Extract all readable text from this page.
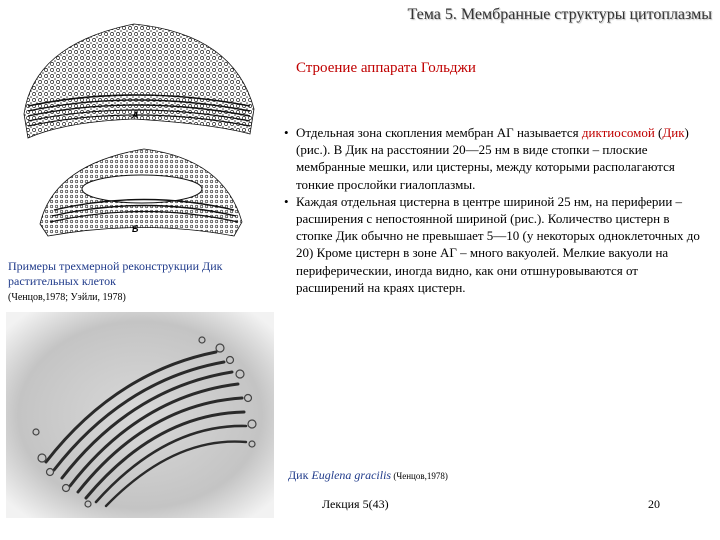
Тема 5. Мембранные структуры цитоплазмы
Строение аппарата Гольджи
• Отдельная зона скопления мембран АГ называется диктиосомой (Дик) (рис.). В Дик на расстоянии 20—25 нм в виде стопки – плоские мембранные мешки, или цистерны, между которыми располагаются тонкие прослойки гиалоплазмы.
• Каждая отдельная цистерна в центре шириной 25 нм, на периферии – расширения с непостоянной шириной (рис.). Количество цистерн в стопке Дик обычно не превышает 5—10 (у некоторых одноклеточных до 20) Кроме цистерн в зоне АГ – много вакуолей. Мелкие вакуоли на периферическии, иногда видно, как они отшнуровываются от расширений на краях цистерн.
А
Б
Примеры трехмерной реконструкции Дик растительных клеток
(Ченцов,1978; Уэйли, 1978)
Дик Euglena gracilis (Ченцов,1978)
Лекция 5(43)	20
